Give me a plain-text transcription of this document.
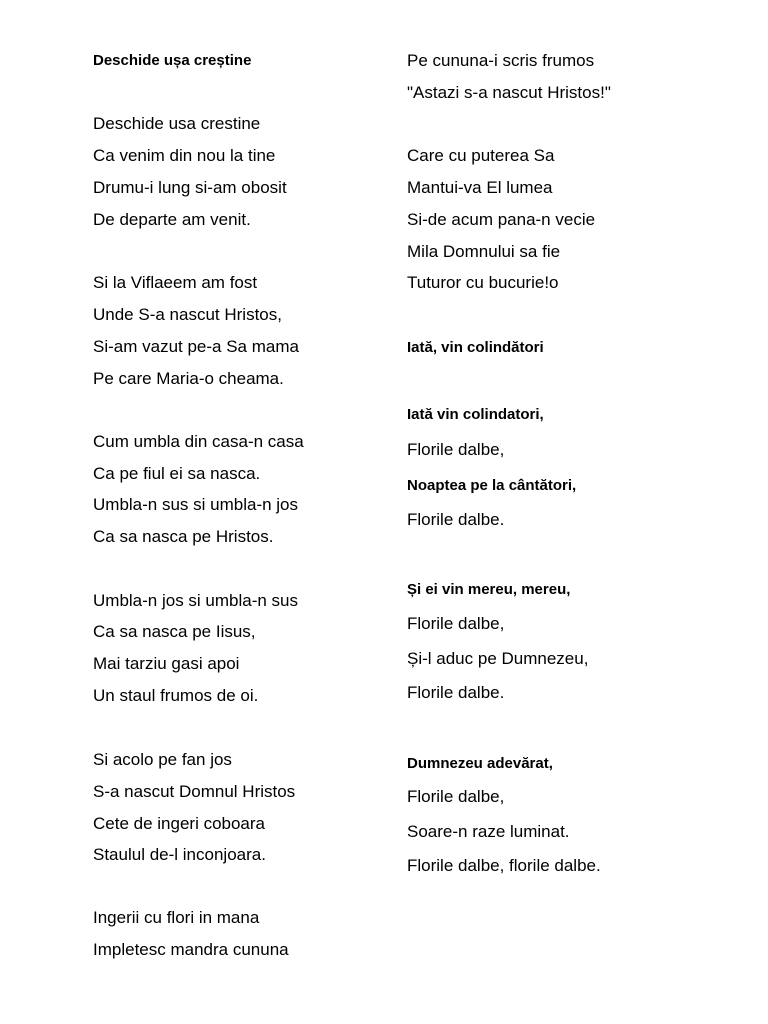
Deschide ușa creștine
Deschide usa crestine
Ca venim din nou la tine
Drumu-i lung si-am obosit
De departe am venit.
Si la Viflaeem am fost
Unde S-a nascut Hristos,
Si-am vazut pe-a Sa mama
Pe care Maria-o cheama.
Cum umbla din casa-n casa
Ca pe fiul ei sa nasca.
Umbla-n sus si umbla-n jos
Ca sa nasca pe Hristos.
Umbla-n jos si umbla-n sus
Ca sa nasca pe Iisus,
Mai tarziu gasi apoi
Un staul frumos de oi.
Si acolo pe fan jos
S-a nascut Domnul Hristos
Cete de ingeri coboara
Staulul de-l inconjoara.
Ingerii cu flori in mana
Impletesc mandra cununa
Pe cununa-i scris frumos
"Astazi s-a nascut Hristos!"
Care cu puterea Sa
Mantui-va El lumea
Si-de acum pana-n vecie
Mila Domnului sa fie
Tuturor cu bucurie!o
Iată, vin colindători
Iată vin colindatori,
Florile dalbe,
Noaptea pe la cântători,
Florile dalbe.
Și ei vin mereu, mereu,
Florile dalbe,
Și-l aduc pe Dumnezeu,
Florile dalbe.
Dumnezeu adevărat,
Florile dalbe,
Soare-n raze luminat.
Florile dalbe, florile dalbe.
